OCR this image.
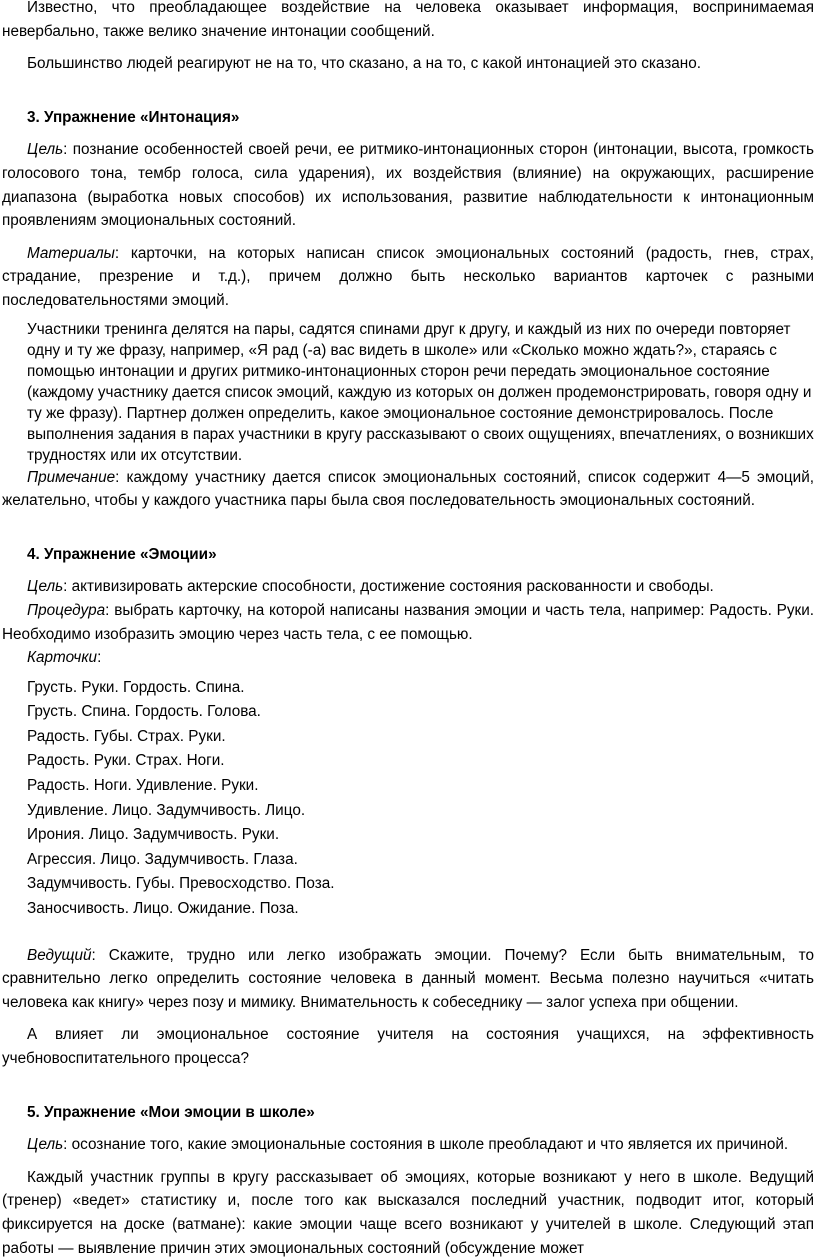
Известно, что преобладающее воздействие на человека оказывает информация, воспринимаемая невербально, также велико значение интонации сообщений.

Большинство людей реагируют не на то, что сказано, а на то, с какой интонацией это сказано.

3. Упражнение «Интонация»

Цель: познание особенностей своей речи, ее ритмико-интонационных сторон (интонации, высота, громкость голосового тона, тембр голоса, сила ударения), их воздействия (влияние) на окружающих, расширение диапазона (выработка новых способов) их использования, развитие наблюдательности к интонационным проявлениям эмоциональных состояний.

Материалы: карточки, на которых написан список эмоциональных состояний (радость, гнев, страх, страдание, презрение и т.д.), причем должно быть несколько вариантов карточек с разными последовательностями эмоций.

Участники тренинга делятся на пары, садятся спинами друг к другу, и каждый из них по очереди повторяет одну и ту же фразу, например, «Я рад (-а) вас видеть в школе» или «Сколько можно ждать?», стараясь с помощью интонации и других ритмико-интонационных сторон речи передать эмоциональное состояние (каждому участнику дается список эмоций, каждую из которых он должен продемонстрировать, говоря одну и ту же фразу). Партнер должен определить, какое эмоциональное состояние демонстрировалось. После выполнения задания в парах участники в кругу рассказывают о своих ощущениях, впечатлениях, о возникших трудностях или их отсутствии.

Примечание: каждому участнику дается список эмоциональных состояний, список содержит 4—5 эмоций, желательно, чтобы у каждого участника пары была своя последовательность эмоциональных состояний.

4. Упражнение «Эмоции»

Цель: активизировать актерские способности, достижение состояния раскованности и свободы.

Процедура: выбрать карточку, на которой написаны названия эмоции и часть тела, например: Радость. Руки. Необходимо изобразить эмоцию через часть тела, с ее помощью.

Карточки:

Грусть. Руки. Гордость. Спина.
Грусть. Спина. Гордость. Голова.
Радость. Губы. Страх. Руки.
Радость. Руки. Страх. Ноги.
Радость. Ноги. Удивление. Руки.
Удивление. Лицо. Задумчивость. Лицо.
Ирония. Лицо. Задумчивость. Руки.
Агрессия. Лицо. Задумчивость. Глаза.
Задумчивость. Губы. Превосходство. Поза.
Заносчивость. Лицо. Ожидание. Поза.

Ведущий: Скажите, трудно или легко изображать эмоции. Почему? Если быть внимательным, то сравнительно легко определить состояние человека в данный момент. Весьма полезно научиться «читать человека как книгу» через позу и мимику. Внимательность к собеседнику — залог успеха при общении.

А влияет ли эмоциональное состояние учителя на состояния учащихся, на эффективность учебновоспитательного процесса?

5. Упражнение «Мои эмоции в школе»

Цель: осознание того, какие эмоциональные состояния в школе преобладают и что является их причиной.

Каждый участник группы в кругу рассказывает об эмоциях, которые возникают у него в школе. Ведущий (тренер) «ведет» статистику и, после того как высказался последний участник, подводит итог, который фиксируется на доске (ватмане): какие эмоции чаще всего возникают у учителей в школе. Следующий этап работы — выявление причин этих эмоциональных состояний (обсуждение может
